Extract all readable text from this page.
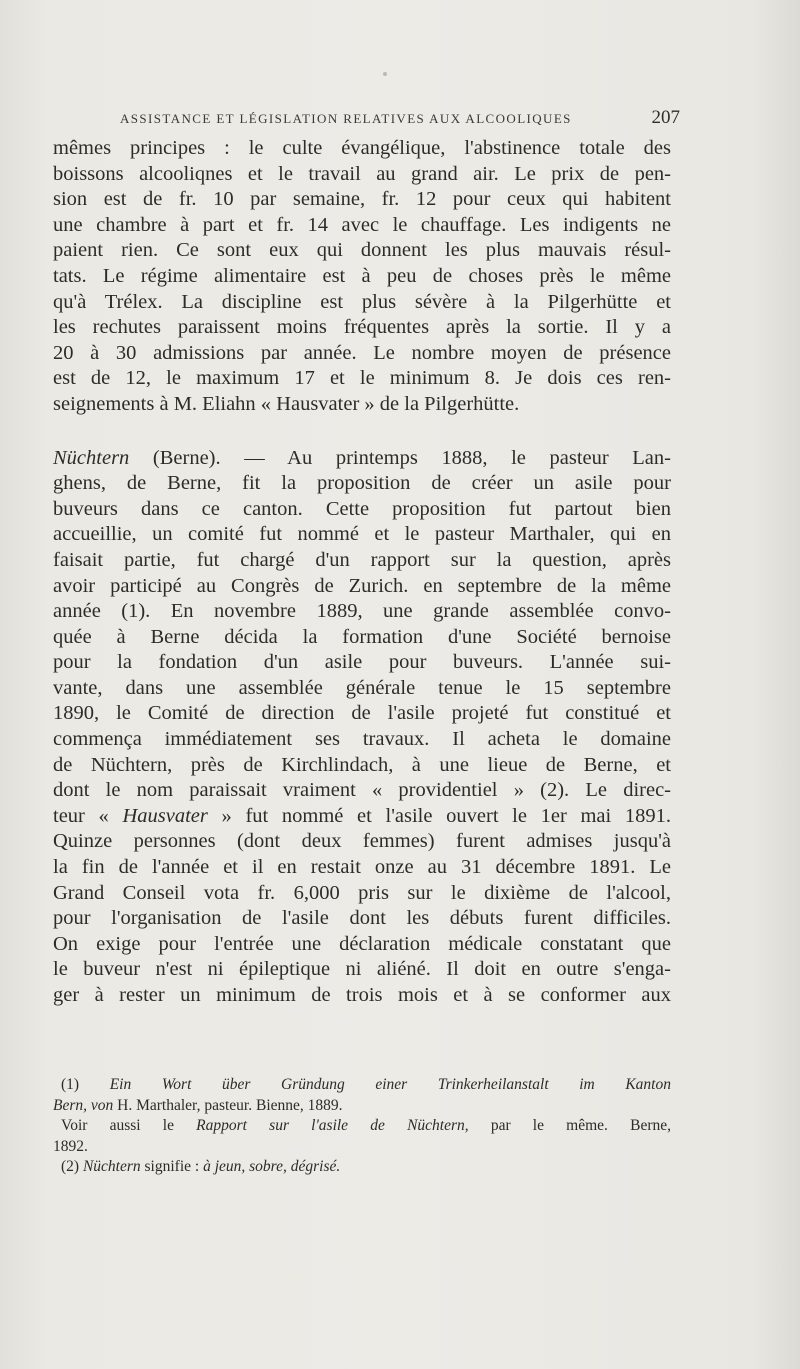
ASSISTANCE ET LÉGISLATION RELATIVES AUX ALCOOLIQUES	207
mêmes principes : le culte évangélique, l'abstinence totale des
boissons alcooliqnes et le travail au grand air. Le prix de pen-
sion est de fr. 10 par semaine, fr. 12 pour ceux qui habitent
une chambre à part et fr. 14 avec le chauffage. Les indigents ne
paient rien. Ce sont eux qui donnent les plus mauvais résul-
tats. Le régime alimentaire est à peu de choses près le même
qu'à Trélex. La discipline est plus sévère à la Pilgerhütte et
les rechutes paraissent moins fréquentes après la sortie. Il y a
20 à 30 admissions par année. Le nombre moyen de présence
est de 12, le maximum 17 et le minimum 8. Je dois ces ren-
seignements à M. Eliahn « Hausvater » de la Pilgerhütte.
Nüchtern (Berne). — Au printemps 1888, le pasteur Lan-
ghens, de Berne, fit la proposition de créer un asile pour
buveurs dans ce canton. Cette proposition fut partout bien
accueillie, un comité fut nommé et le pasteur Marthaler, qui en
faisait partie, fut chargé d'un rapport sur la question, après
avoir participé au Congrès de Zurich. en septembre de la même
année (1). En novembre 1889, une grande assemblée convo-
quée à Berne décida la formation d'une Société bernoise
pour la fondation d'un asile pour buveurs. L'année sui-
vante, dans une assemblée générale tenue le 15 septembre
1890, le Comité de direction de l'asile projeté fut constitué et
commença immédiatement ses travaux. Il acheta le domaine
de Nüchtern, près de Kirchlindach, à une lieue de Berne, et
dont le nom paraissait vraiment « providentiel » (2). Le direc-
teur « Hausvater » fut nommé et l'asile ouvert le 1er mai 1891.
Quinze personnes (dont deux femmes) furent admises jusqu'à
la fin de l'année et il en restait onze au 31 décembre 1891. Le
Grand Conseil vota fr. 6,000 pris sur le dixième de l'alcool,
pour l'organisation de l'asile dont les débuts furent difficiles.
On exige pour l'entrée une déclaration médicale constatant que
le buveur n'est ni épileptique ni aliéné. Il doit en outre s'enga-
ger à rester un minimum de trois mois et à se conformer aux
(1) Ein Wort über Gründung einer Trinkerheilanstalt im Kanton
Bern, von H. Marthaler, pasteur. Bienne, 1889.
Voir aussi le Rapport sur l'asile de Nüchtern, par le même. Berne,
1892.
(2) Nüchtern signifie : à jeun, sobre, dégrisé.
